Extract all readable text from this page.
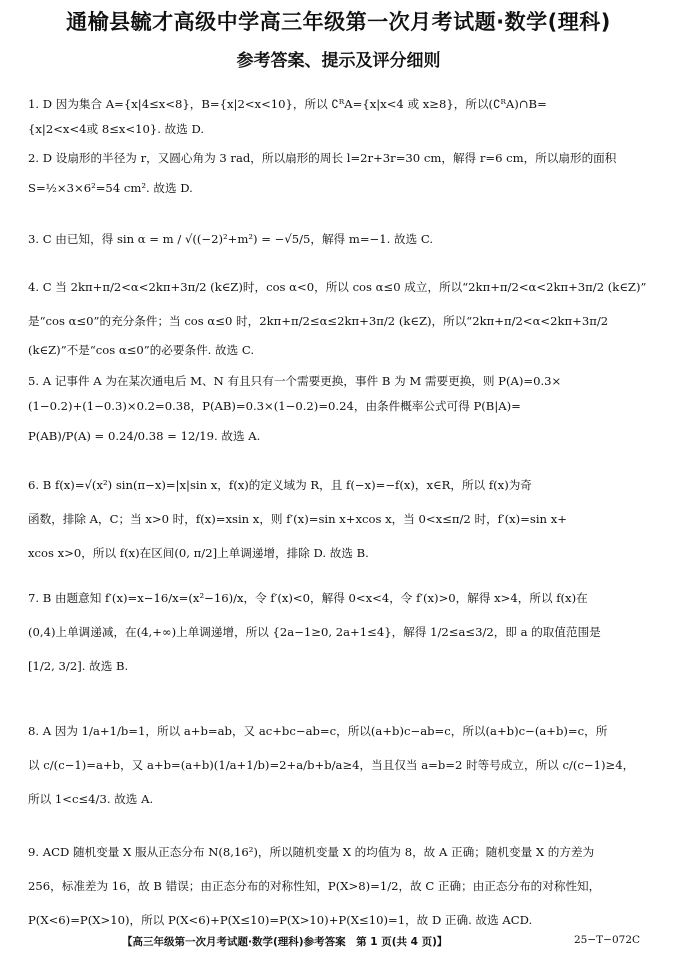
通榆县毓才高级中学高三年级第一次月考试题·数学(理科)
参考答案、提示及评分细则
1. D 因为集合 A={x|4≤x<8}，B={x|2<x<10}，所以 ∁ᴿA={x|x<4 或 x≥8}，所以(∁ᴿA)∩B=
{x|2<x<4或 8≤x<10}. 故选 D.
2. D 设扇形的半径为 r，又圆心角为 3 rad，所以扇形的周长 l=2r+3r=30 cm，解得 r=6 cm，所以扇形的面积
S=½×3×6²=54 cm². 故选 D.
3. C 由已知，得 sin α = m / √((−2)²+m²) = −√5/5，解得 m=−1. 故选 C.
4. C 当 2kπ+π/2<α<2kπ+3π/2 (k∈Z)时，cos α<0，所以 cos α≤0 成立，所以“2kπ+π/2<α<2kπ+3π/2 (k∈Z)”
是“cos α≤0”的充分条件；当 cos α≤0 时，2kπ+π/2≤α≤2kπ+3π/2 (k∈Z)，所以“2kπ+π/2<α<2kπ+3π/2
(k∈Z)”不是“cos α≤0”的必要条件. 故选 C.
5. A 记事件 A 为在某次通电后 M、N 有且只有一个需要更换，事件 B 为 M 需要更换，则 P(A)=0.3×
(1−0.2)+(1−0.3)×0.2=0.38，P(AB)=0.3×(1−0.2)=0.24，由条件概率公式可得 P(B|A)=
P(AB)/P(A) = 0.24/0.38 = 12/19. 故选 A.
6. B f(x)=√(x²) sin(π−x)=|x|sin x，f(x)的定义域为 R，且 f(−x)=−f(x)，x∈R，所以 f(x)为奇
函数，排除 A，C；当 x>0 时，f(x)=xsin x，则 f′(x)=sin x+xcos x，当 0<x≤π/2 时，f′(x)=sin x+
xcos x>0，所以 f(x)在区间(0, π/2]上单调递增，排除 D. 故选 B.
7. B 由题意知 f′(x)=x−16/x=(x²−16)/x，令 f′(x)<0，解得 0<x<4，令 f′(x)>0，解得 x>4，所以 f(x)在
(0,4)上单调递减，在(4,+∞)上单调递增，所以 {2a−1≥0, 2a+1≤4}，解得 1/2≤a≤3/2，即 a 的取值范围是
[1/2, 3/2]. 故选 B.
8. A 因为 1/a+1/b=1，所以 a+b=ab，又 ac+bc−ab=c，所以(a+b)c−ab=c，所以(a+b)c−(a+b)=c，所
以 c/(c−1)=a+b，又 a+b=(a+b)(1/a+1/b)=2+a/b+b/a≥4，当且仅当 a=b=2 时等号成立，所以 c/(c−1)≥4，
所以 1<c≤4/3. 故选 A.
9. ACD 随机变量 X 服从正态分布 N(8,16²)，所以随机变量 X 的均值为 8，故 A 正确；随机变量 X 的方差为
256，标准差为 16，故 B 错误；由正态分布的对称性知，P(X>8)=1/2，故 C 正确；由正态分布的对称性知，
P(X<6)=P(X>10)，所以 P(X<6)+P(X≤10)=P(X>10)+P(X≤10)=1，故 D 正确. 故选 ACD.
【高三年级第一次月考试题·数学(理科)参考答案　第 1 页(共 4 页)】	25−T−072C
